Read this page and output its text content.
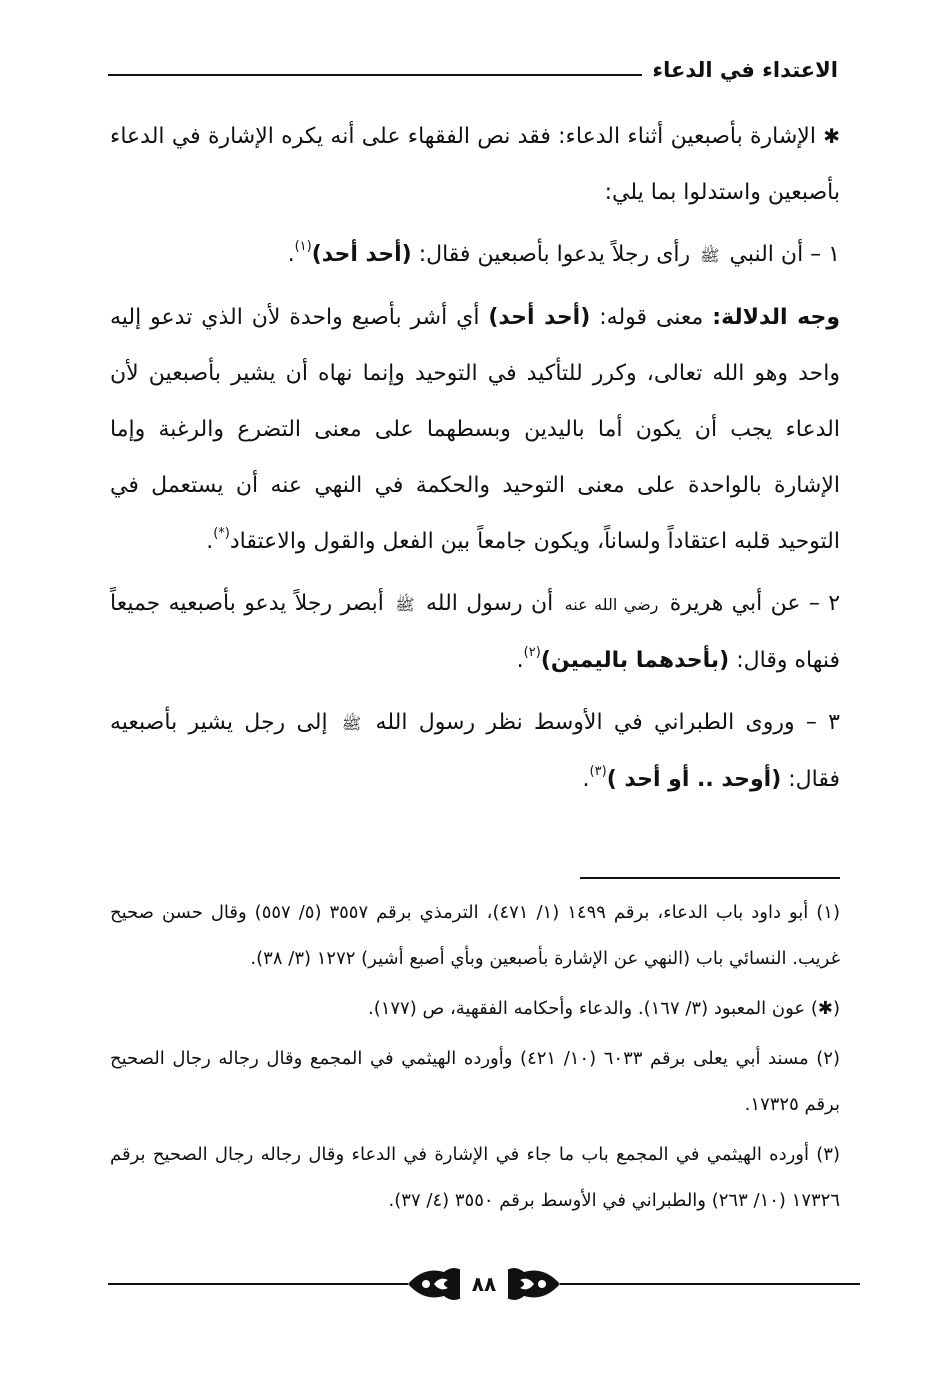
الاعتداء في الدعاء

✱ الإشارة بأصبعين أثناء الدعاء: فقد نص الفقهاء على أنه يكره الإشارة في الدعاء بأصبعين واستدلوا بما يلي:

١ – أن النبي ﷺ رأى رجلاً يدعوا بأصبعين فقال: (أحد أحد)$^{(١)}$.

وجه الدلالة: معنى قوله: (أحد أحد) أي أشر بأصبع واحدة لأن الذي تدعو إليه واحد وهو الله تعالى، وكرر للتأكيد في التوحيد وإنما نهاه أن يشير بأصبعين لأن الدعاء يجب أن يكون أما باليدين وبسطهما على معنى التضرع والرغبة وإما الإشارة بالواحدة على معنى التوحيد والحكمة في النهي عنه أن يستعمل في التوحيد قلبه اعتقاداً ولساناً، ويكون جامعاً بين الفعل والقول والاعتقاد(*).

٢ – عن أبي هريرة رضي الله عنه أن رسول الله ﷺ أبصر رجلاً يدعو بأصبعيه جميعاً فنهاه وقال: (بأحدهما باليمين)$^{(٢)}$.

٣ – وروى الطبراني في الأوسط نظر رسول الله ﷺ إلى رجل يشير بأصبعيه فقال: (أوحد .. أو أحد )$^{(٣)}$.

(١) أبو داود باب الدعاء، برقم ١٤٩٩ (١/ ٤٧١)، الترمذي برقم ٣٥٥٧ (٥/ ٥٥٧) وقال حسن صحيح غريب. النسائي باب (النهي عن الإشارة بأصبعين وبأي أصبع أشير) ١٢٧٢ (٣/ ٣٨).

(✱) عون المعبود (٣/ ١٦٧). والدعاء وأحكامه الفقهية، ص (١٧٧).

(٢) مسند أبي يعلى برقم ٦٠٣٣ (١٠/ ٤٢١) وأورده الهيثمي في المجمع وقال رجاله رجال الصحيح برقم ١٧٣٢٥.

(٣) أورده الهيثمي في المجمع باب ما جاء في الإشارة في الدعاء وقال رجاله رجال الصحيح برقم ١٧٣٢٦ (١٠/ ٢٦٣) والطبراني في الأوسط برقم ٣٥٥٠ (٤/ ٣٧).

٨٨
